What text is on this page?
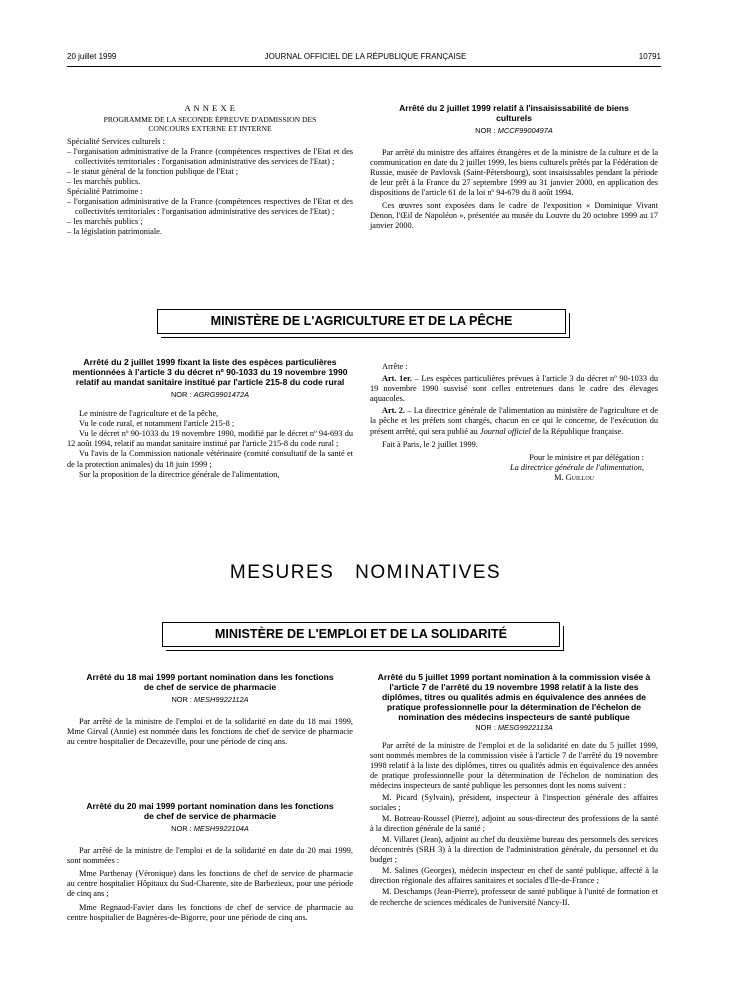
20 juillet 1999	JOURNAL OFFICIEL DE LA RÉPUBLIQUE FRANÇAISE	10791
A N N E X E
PROGRAMME DE LA SECONDE ÉPREUVE D'ADMISSION DES CONCOURS EXTERNE ET INTERNE

Spécialité Services culturels :

– l'organisation administrative de la France (compétences respectives de l'Etat et des collectivités territoriales : l'organisation administrative des services de l'Etat) ;

– le statut général de la fonction publique de l'Etat ;

– les marchés publics.

Spécialité Patrimoine :

– l'organisation administrative de la France (compétences respectives de l'Etat et des collectivités territoriales : l'organisation administrative des services de l'Etat) ;

– les marchés publics ;

– la législation patrimoniale.

Arrêté du 2 juillet 1999 relatif à l'insaisissabilité de biens culturels
NOR : MCCF9900497A

Par arrêté du ministre des affaires étrangères et de la ministre de la culture et de la communication en date du 2 juillet 1999, les biens culturels prêtés par la Fédération de Russie, musée de Pavlovsk (Saint-Pétersbourg), sont insaisissables pendant la période de leur prêt à la France du 27 septembre 1999 au 31 janvier 2000, en application des dispositions de l'article 61 de la loi nº 94-679 du 8 août 1994.

Ces œuvres sont exposées dans le cadre de l'exposition « Dominique Vivant Denon, l'Œil de Napoléon », présentée au musée du Louvre du 20 octobre 1999 au 17 janvier 2000.

MINISTÈRE DE L'AGRICULTURE ET DE LA PÊCHE
Arrêté du 2 juillet 1999 fixant la liste des espèces particulières mentionnées à l'article 3 du décret nº 90-1033 du 19 novembre 1990 relatif au mandat sanitaire institué par l'article 215-8 du code rural
NOR : AGRG9901472A

Le ministre de l'agriculture et de la pêche,

Vu le code rural, et notamment l'article 215-8 ;

Vu le décret nº 90-1033 du 19 novembre 1990, modifié par le décret nº 94-693 du 12 août 1994, relatif au mandat sanitaire institué par l'article 215-8 du code rural ;

Vu l'avis de la Commission nationale vétérinaire (comité consultatif de la santé et de la protection animales) du 18 juin 1999 ;

Sur la proposition de la directrice générale de l'alimentation,

Arrête :

Art. 1er. – Les espèces particulières prévues à l'article 3 du décret nº 90-1033 du 19 novembre 1990 susvisé sont celles entretenues dans le cadre des élevages aquacoles.

Art. 2. – La directrice générale de l'alimentation au ministère de l'agriculture et de la pêche et les préfets sont chargés, chacun en ce qui le concerne, de l'exécution du présent arrêté, qui sera publié au Journal officiel de la République française.

Fait à Paris, le 2 juillet 1999.

Pour le ministre et par délégation :

La directrice générale de l'alimentation,

M. Guillou

MESURES NOMINATIVES
MINISTÈRE DE L'EMPLOI ET DE LA SOLIDARITÉ
Arrêté du 18 mai 1999 portant nomination dans les fonctions de chef de service de pharmacie
NOR : MESH9922112A

Par arrêté de la ministre de l'emploi et de la solidarité en date du 18 mai 1999, Mme Girval (Annie) est nommée dans les fonctions de chef de service de pharmacie au centre hospitalier de Decazeville, pour une période de cinq ans.

Arrêté du 20 mai 1999 portant nomination dans les fonctions de chef de service de pharmacie
NOR : MESH9922104A

Par arrêté de la ministre de l'emploi et de la solidarité en date du 20 mai 1999, sont nommées :

Mme Parthenay (Véronique) dans les fonctions de chef de service de pharmacie au centre hospitalier Hôpitaux du Sud-Charente, site de Barbezieux, pour une période de cinq ans ;

Mme Regnaud-Favier dans les fonctions de chef de service de pharmacie au centre hospitalier de Bagnères-de-Bigorre, pour une période de cinq ans.

Arrêté du 5 juillet 1999 portant nomination à la commission visée à l'article 7 de l'arrêté du 19 novembre 1998 relatif à la liste des diplômes, titres ou qualités admis en équivalence des années de pratique professionnelle pour la détermination de l'échelon de nomination des médecins inspecteurs de santé publique
NOR : MESG9922113A

Par arrêté de la ministre de l'emploi et de la solidarité en date du 5 juillet 1999, sont nommés membres de la commission visée à l'article 7 de l'arrêté du 19 novembre 1998 relatif à la liste des diplômes, titres ou qualités admis en équivalence des années de pratique professionnelle pour la détermination de l'échelon de nomination des médecins inspecteurs de santé publique les personnes dont les noms suivent :

M. Picard (Sylvain), président, inspecteur à l'inspection générale des affaires sociales ;

M. Botreau-Roussel (Pierre), adjoint au sous-directeur des professions de la santé à la direction générale de la santé ;

M. Villaret (Jean), adjoint au chef du deuxième bureau des personnels des services déconcentrés (SRH 3) à la direction de l'administration générale, du personnel et du budget ;

M. Salines (Georges), médecin inspecteur en chef de santé publique, affecté à la direction régionale des affaires sanitaires et sociales d'Ile-de-France ;

M. Deschamps (Jean-Pierre), professeur de santé publique à l'unité de formation et de recherche de sciences médicales de l'université Nancy-II.
